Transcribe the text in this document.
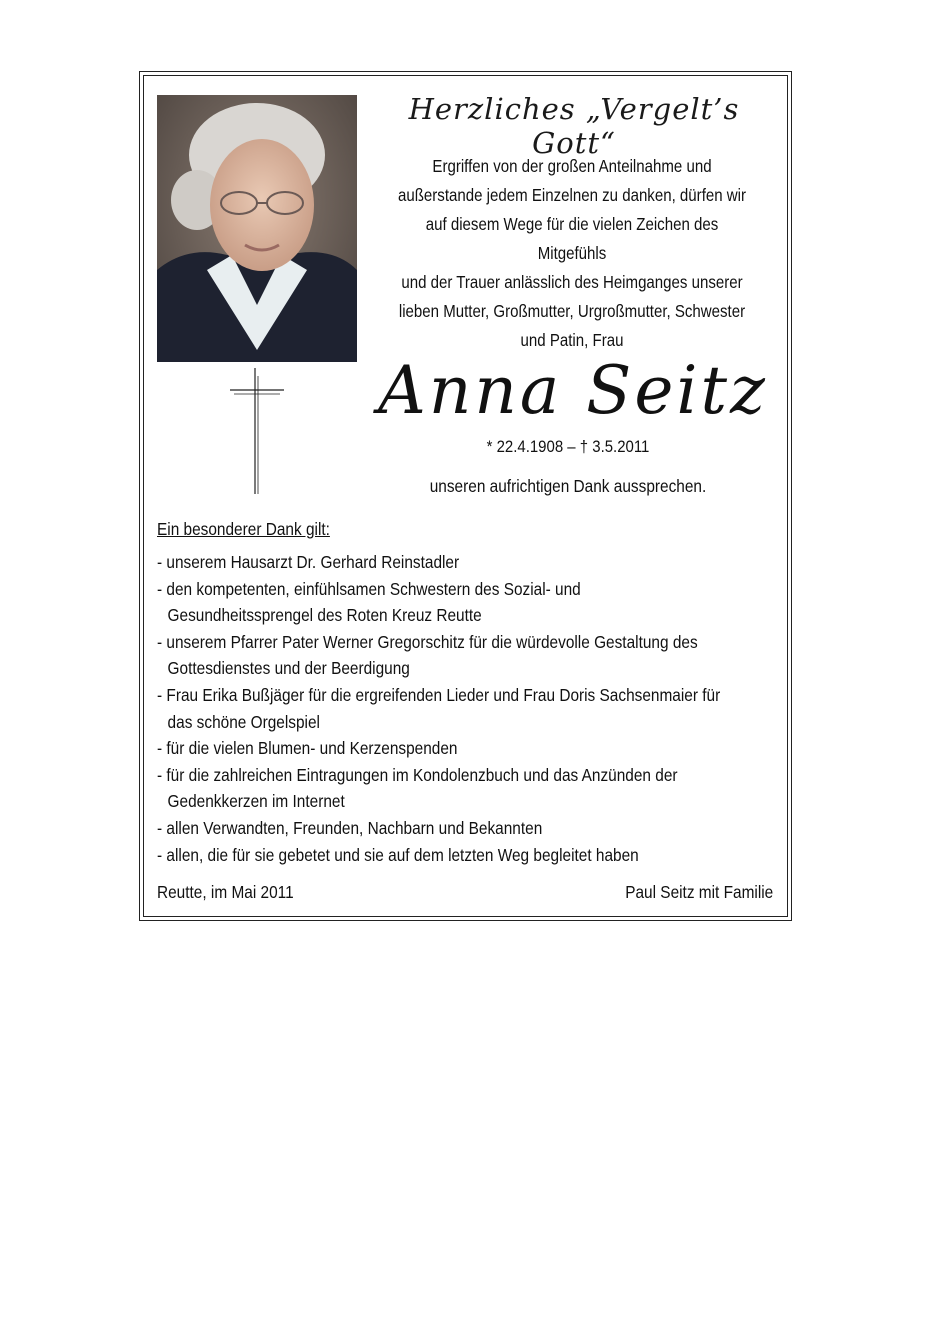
Herzliches „Vergelt’s Gott“
Ergriffen von der großen Anteilnahme und
außerstande jedem Einzelnen zu danken, dürfen wir
auf diesem Wege für die vielen Zeichen des Mitgefühls
und der Trauer anlässlich des Heimganges unserer
lieben Mutter, Großmutter, Urgroßmutter, Schwester
und Patin, Frau
Anna Seitz
* 22.4.1908 – † 3.5.2011
unseren aufrichtigen Dank aussprechen.
Ein besonderer Dank gilt:
- unserem Hausarzt Dr. Gerhard Reinstadler
- den kompetenten, einfühlsamen Schwestern des Sozial- und
Gesundheitssprengel des Roten Kreuz Reutte
- unserem Pfarrer Pater Werner Gregorschitz für die würdevolle Gestaltung des
Gottesdienstes und der Beerdigung
- Frau Erika Bußjäger für die ergreifenden Lieder und Frau Doris Sachsenmaier für
das schöne Orgelspiel
- für die vielen Blumen- und Kerzenspenden
- für die zahlreichen Eintragungen im Kondolenzbuch und das Anzünden der
Gedenkkerzen im Internet
- allen Verwandten, Freunden, Nachbarn und Bekannten
- allen, die für sie gebetet und sie auf dem letzten Weg begleitet haben
Reutte, im Mai 2011	Paul Seitz mit Familie
